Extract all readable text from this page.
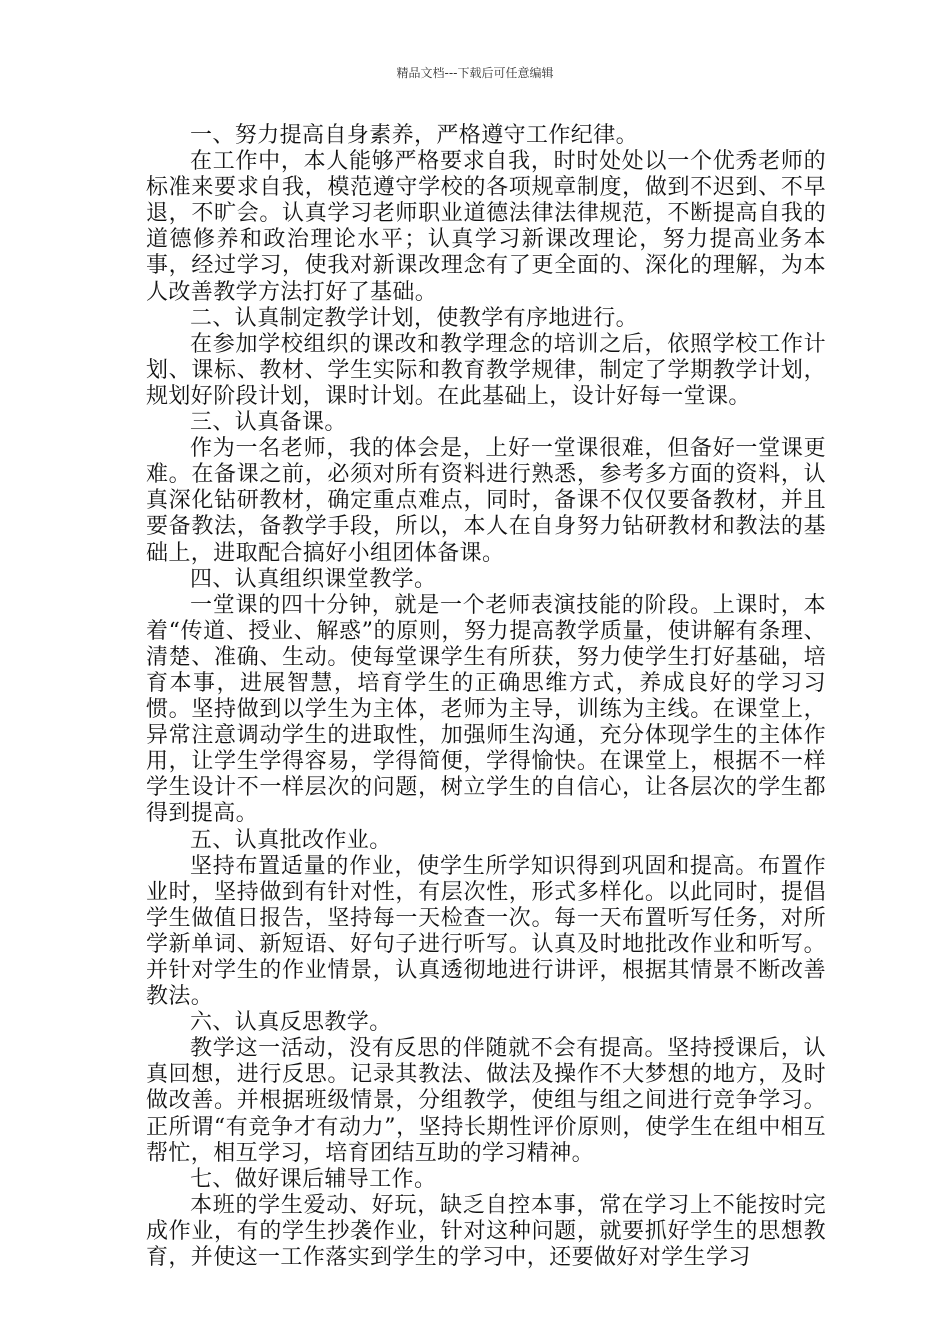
精品文档---下载后可任意编辑

一、努力提高自身素养，严格遵守工作纪律。

在工作中，本人能够严格要求自我，时时处处以一个优秀老师的标准来要求自我，模范遵守学校的各项规章制度，做到不迟到、不早退，不旷会。认真学习老师职业道德法律法律规范，不断提高自我的道德修养和政治理论水平；认真学习新课改理论，努力提高业务本事，经过学习，使我对新课改理念有了更全面的、深化的理解，为本人改善教学方法打好了基础。

二、认真制定教学计划，使教学有序地进行。

在参加学校组织的课改和教学理念的培训之后，依照学校工作计划、课标、教材、学生实际和教育教学规律，制定了学期教学计划，规划好阶段计划，课时计划。在此基础上，设计好每一堂课。

三、认真备课。

作为一名老师，我的体会是，上好一堂课很难，但备好一堂课更难。在备课之前，必须对所有资料进行熟悉，参考多方面的资料，认真深化钻研教材，确定重点难点，同时，备课不仅仅要备教材，并且要备教法，备教学手段，所以，本人在自身努力钻研教材和教法的基础上，进取配合搞好小组团体备课。

四、认真组织课堂教学。

一堂课的四十分钟，就是一个老师表演技能的阶段。上课时，本着“传道、授业、解惑”的原则，努力提高教学质量，使讲解有条理、清楚、准确、生动。使每堂课学生有所获，努力使学生打好基础，培育本事，进展智慧，培育学生的正确思维方式，养成良好的学习习惯。坚持做到以学生为主体，老师为主导，训练为主线。在课堂上，异常注意调动学生的进取性，加强师生沟通，充分体现学生的主体作用，让学生学得容易，学得简便，学得愉快。在课堂上，根据不一样学生设计不一样层次的问题，树立学生的自信心，让各层次的学生都得到提高。

五、认真批改作业。

坚持布置适量的作业，使学生所学知识得到巩固和提高。布置作业时，坚持做到有针对性，有层次性，形式多样化。以此同时，提倡学生做值日报告，坚持每一天检查一次。每一天布置听写任务，对所学新单词、新短语、好句子进行听写。认真及时地批改作业和听写。并针对学生的作业情景，认真透彻地进行讲评，根据其情景不断改善教法。

六、认真反思教学。

教学这一活动，没有反思的伴随就不会有提高。坚持授课后，认真回想，进行反思。记录其教法、做法及操作不大梦想的地方，及时做改善。并根据班级情景，分组教学，使组与组之间进行竞争学习。正所谓“有竞争才有动力”，坚持长期性评价原则，使学生在组中相互帮忙，相互学习，培育团结互助的学习精神。

七、做好课后辅导工作。

本班的学生爱动、好玩，缺乏自控本事，常在学习上不能按时完成作业，有的学生抄袭作业，针对这种问题，就要抓好学生的思想教育，并使这一工作落实到学生的学习中，还要做好对学生学习
